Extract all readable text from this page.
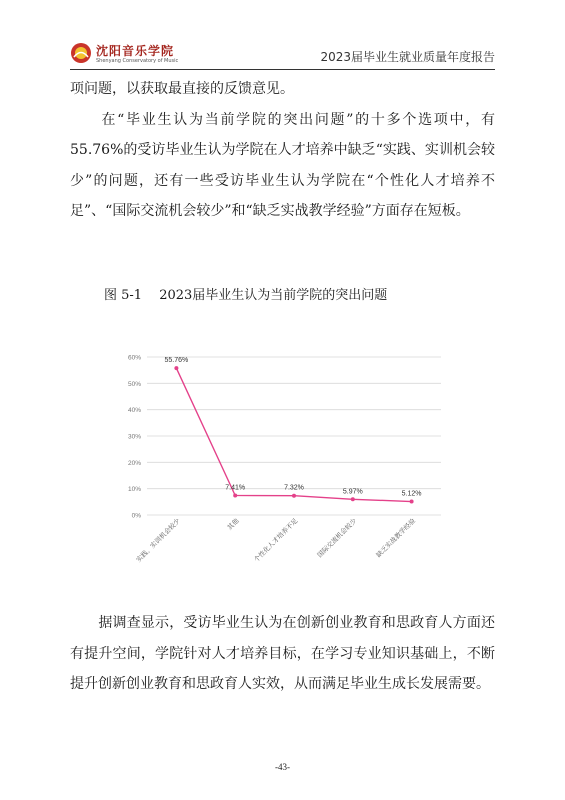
沈阳音乐学院
Shenyang Conservatory of Music	2023届毕业生就业质量年度报告

项问题，以获取最直接的反馈意见。
　　在“毕业生认为当前学院的突出问题”的十多个选项中，有55.76%的受访毕业生认为学院在人才培养中缺乏“实践、实训机会较少”的问题，还有一些受访毕业生认为学院在“个性化人才培养不足”、“国际交流机会较少”和“缺乏实战教学经验”方面存在短板。

图 5-1　 2023届毕业生认为当前学院的突出问题
0%
10%
20%
30%
40%
50%
60%	55.76%
7.41%	7.32%
5.97%	5.12%
实践、实训机会较少	其他 个性化人才培养不足	国际交流机会较少	缺乏实战教学经验

　　据调查显示，受访毕业生认为在创新创业教育和思政育人方面还有提升空间，学院针对人才培养目标，在学习专业知识基础上，不断提升创新创业教育和思政育人实效，从而满足毕业生成长发展需要。

-43-
